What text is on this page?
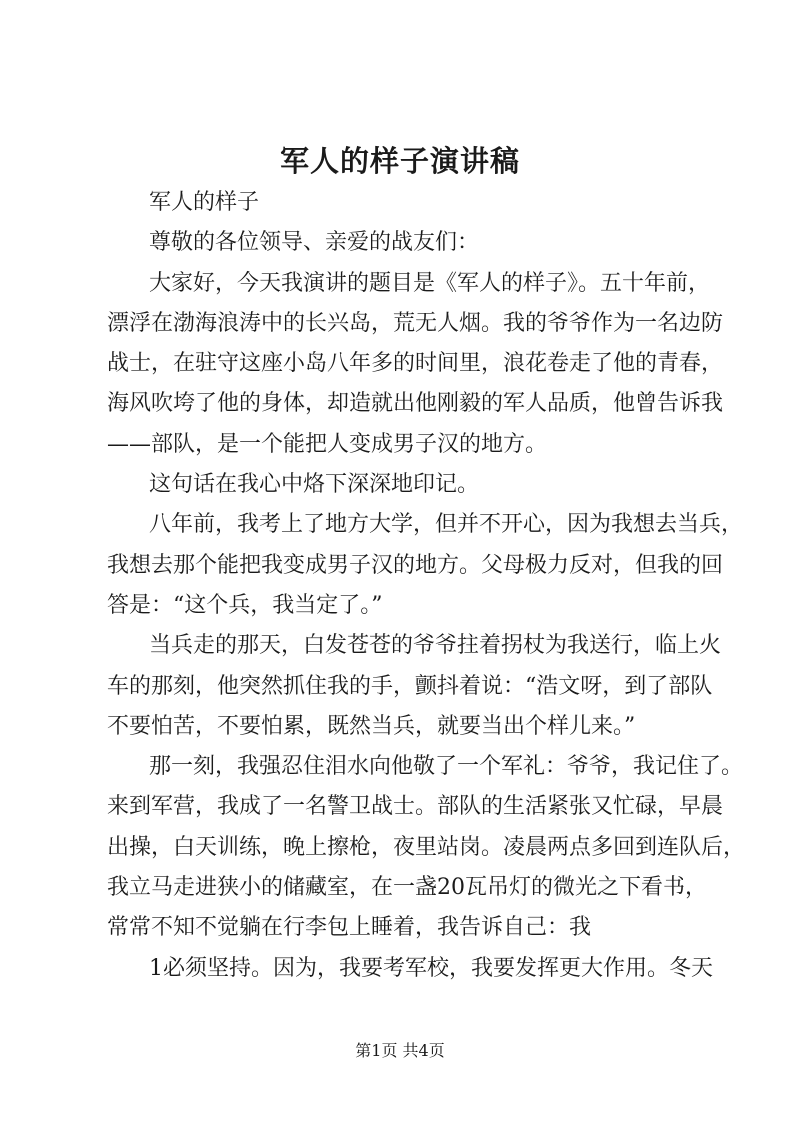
军人的样子演讲稿
军人的样子
尊敬的各位领导、亲爱的战友们：
大家好，今天我演讲的题目是《军人的样子》。五十年前，
漂浮在渤海浪涛中的长兴岛，荒无人烟。我的爷爷作为一名边防
战士，在驻守这座小岛八年多的时间里，浪花卷走了他的青春，
海风吹垮了他的身体，却造就出他刚毅的军人品质，他曾告诉我
——部队，是一个能把人变成男子汉的地方。
这句话在我心中烙下深深地印记。
八年前，我考上了地方大学，但并不开心，因为我想去当兵，
我想去那个能把我变成男子汉的地方。父母极力反对，但我的回
答是：“这个兵，我当定了。”
当兵走的那天，白发苍苍的爷爷拄着拐杖为我送行，临上火
车的那刻，他突然抓住我的手，颤抖着说：“浩文呀，到了部队
不要怕苦，不要怕累，既然当兵，就要当出个样儿来。”
那一刻，我强忍住泪水向他敬了一个军礼：爷爷，我记住了。
来到军营，我成了一名警卫战士。部队的生活紧张又忙碌，早晨
出操，白天训练，晚上擦枪，夜里站岗。凌晨两点多回到连队后，
我立马走进狭小的储藏室，在一盏20瓦吊灯的微光之下看书，
常常不知不觉躺在行李包上睡着，我告诉自己：我
1必须坚持。因为，我要考军校，我要发挥更大作用。冬天
第1页 共4页
